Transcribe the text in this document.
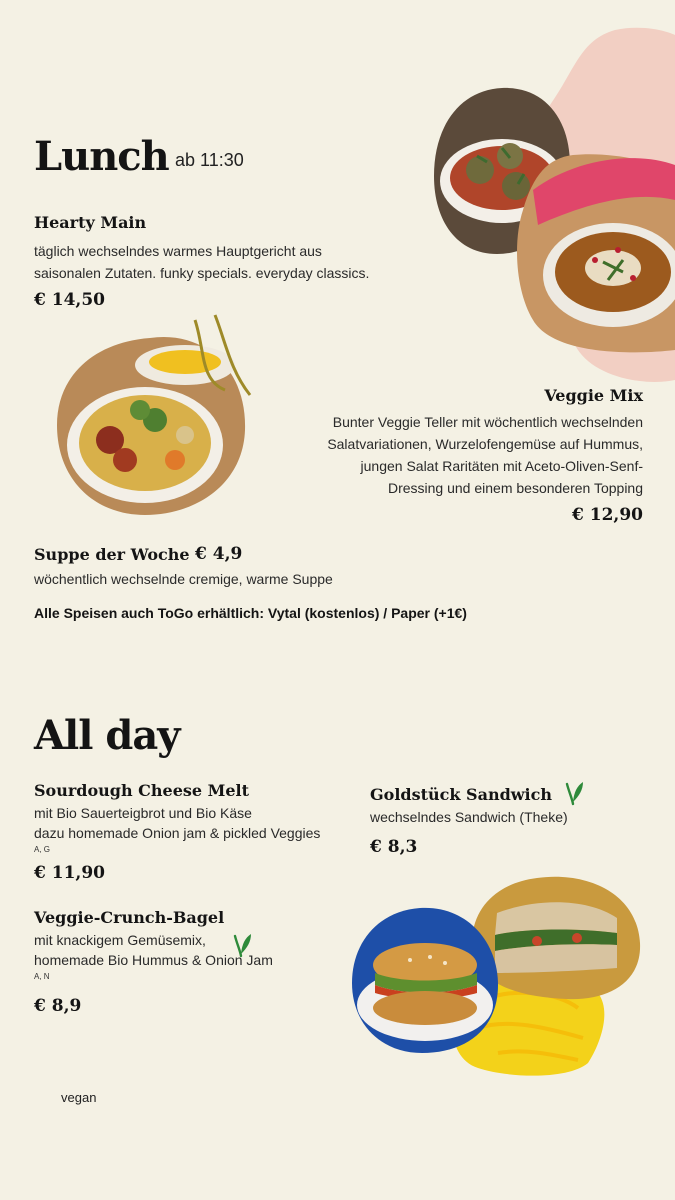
Lunch ab 11:30
Hearty Main
täglich wechselndes warmes Hauptgericht aus
saisonalen Zutaten. funky specials. everyday classics.
€ 14,50
Veggie Mix
Bunter Veggie Teller mit wöchentlich wechselnden
Salatvariationen, Wurzelofengemüse auf Hummus,
jungen Salat Raritäten mit Aceto-Oliven-Senf-
Dressing und einem besonderen Topping
€ 12,90
Suppe der Woche € 4,9
wöchentlich wechselnde cremige, warme Suppe
Alle Speisen auch ToGo erhältlich: Vytal (kostenlos) / Paper (+1€)
All day
Sourdough Cheese Melt
mit Bio Sauerteigbrot und Bio Käse
dazu homemade Onion jam & pickled Veggies
A, G
€ 11,90
Goldstück Sandwich
wechselndes Sandwich (Theke)
€ 8,3
Veggie-Crunch-Bagel
mit knackigem Gemüsemix,
homemade Bio Hummus & Onion Jam
A, N
€ 8,9
vegan
